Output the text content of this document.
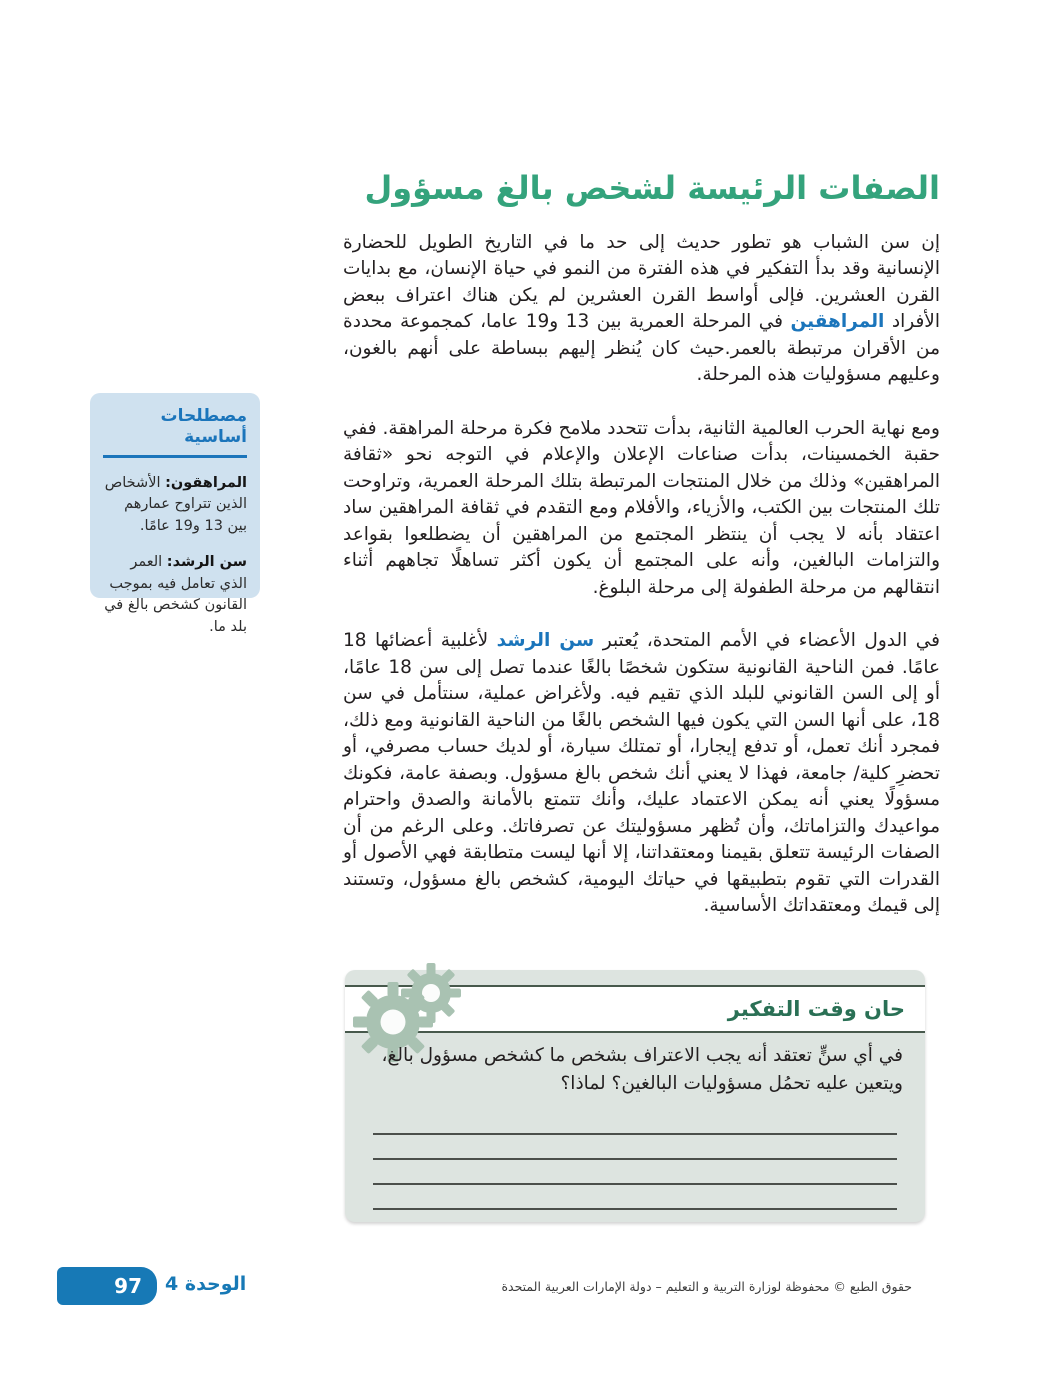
الصفات الرئيسة لشخص بالغ مسؤول

إن سن الشباب هو تطور حديث إلى حد ما في التاريخ الطويل للحضارة الإنسانية وقد بدأ التفكير في هذه الفترة من النمو في حياة الإنسان، مع بدايات القرن العشرين. فإلى أواسط القرن العشرين لم يكن هناك اعتراف ببعض الأفراد المراهقين في المرحلة العمرية بين 13 و19 عاما، كمجموعة محددة من الأقران مرتبطة بالعمر.حيث كان يُنظر إليهم ببساطة على أنهم بالغون، وعليهم مسؤوليات هذه المرحلة.

ومع نهاية الحرب العالمية الثانية، بدأت تتحدد ملامح فكرة مرحلة المراهقة. ففي حقبة الخمسينات، بدأت صناعات الإعلان والإعلام في التوجه نحو «ثقافة المراهقين» وذلك من خلال المنتجات المرتبطة بتلك المرحلة العمرية، وتراوحت تلك المنتجات بين الكتب، والأزياء، والأفلام ومع التقدم في ثقافة المراهقين ساد اعتقاد بأنه لا يجب أن ينتظر المجتمع من المراهقين أن يضطلعوا بقواعد والتزامات البالغين، وأنه على المجتمع أن يكون أكثر تساهلًا تجاههم أثناء انتقالهم من مرحلة الطفولة إلى مرحلة البلوغ.

في الدول الأعضاء في الأمم المتحدة، يُعتبر سن الرشد لأغلبية أعضائها 18 عامًا. فمن الناحية القانونية ستكون شخصًا بالغًا عندما تصل إلى سن 18 عامًا، أو إلى السن القانوني للبلد الذي تقيم فيه. ولأغراض عملية، سنتأمل في سن 18، على أنها السن التي يكون فيها الشخص بالغًا من الناحية القانونية ومع ذلك، فمجرد أنك تعمل، أو تدفع إيجارا، أو تمتلك سيارة، أو لديك حساب مصرفي، أو تحضرِ كلية/ جامعة، فهذا لا يعني أنك شخص بالغ مسؤول. وبصفة عامة، فكونك مسؤولًا يعني أنه يمكن الاعتماد عليك، وأنك تتمتع بالأمانة والصدق واحترام مواعيدك والتزاماتك، وأن تُظهر مسؤوليتك عن تصرفاتك. وعلى الرغم من أن الصفات الرئيسة تتعلق بقيمنا ومعتقداتنا، إلا أنها ليست متطابقة فهي الأصول أو القدرات التي تقوم بتطبيقها في حياتك اليومية، كشخص بالغ مسؤول، وتستند إلى قيمك ومعتقداتك الأساسية.

حان وقت التفكير

في أي سنٍّ تعتقد أنه يجب الاعتراف بشخص ما كشخص مسؤول بالغ، ويتعين عليه تحمُل مسؤوليات البالغين؟ لماذا؟

مصطلحات أساسية

المراهقون: الأشخاص الذين تتراوح عمارهم بين 13 و19 عامًا.

سن الرشد: العمر الذي تعامل فيه بموجب القانون كشخص بالغ في بلد ما.

97	الوحدة 4	حقوق الطبع © محفوظة لوزارة التربية و التعليم – دولة الإمارات العربية المتحدة
